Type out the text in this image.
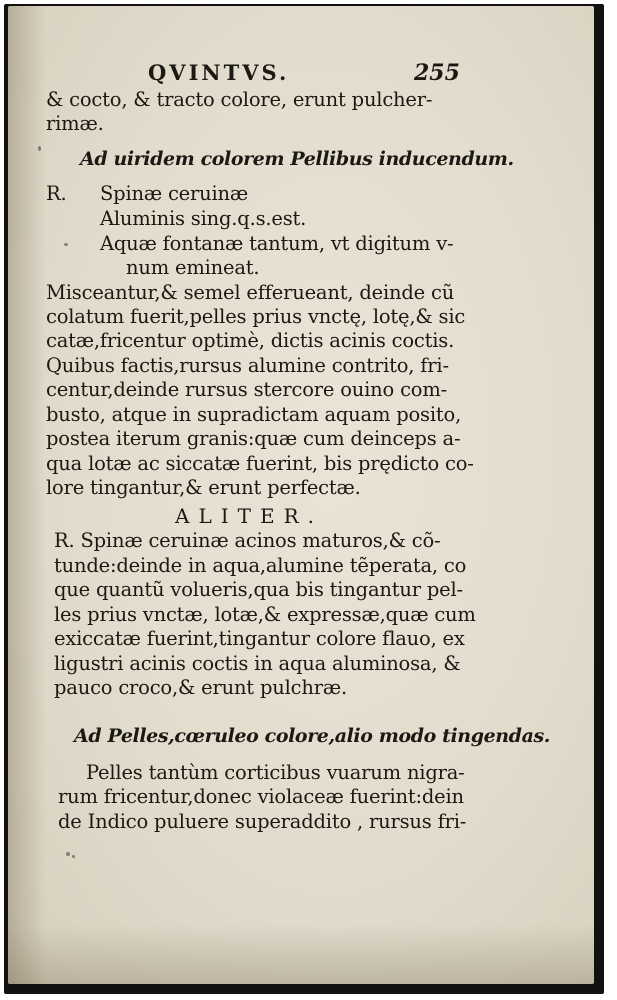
QVINTVS.	255
& cocto, & tracto colore, erunt pulcher-
rimæ.
Ad uiridem colorem Pellibus inducendum.
R. Spinæ ceruinæ
Aluminis sing.q.s.est.
Aquæ fontanæ tantum, vt digitum v-
num emineat.
Misceantur,& semel efferueant, deinde cũ
colatum fuerit,pelles prius vnctę, lotę,& sic
catæ,fricentur optimè, dictis acinis coctis.
Quibus factis,rursus alumine contrito, fri-
centur,deinde rursus stercore ouino com-
busto, atque in supradictam aquam posito,
postea iterum granis:quæ cum deinceps a-
qua lotæ ac siccatæ fuerint, bis prędicto co-
lore tingantur,& erunt perfectæ.
ALITER.
R. Spinæ ceruinæ acinos maturos,& cõ-
tunde:deinde in aqua,alumine tẽperata, co
que quantũ volueris,qua bis tingantur pel-
les prius vnctæ, lotæ,& expressæ,quæ cum
exiccatæ fuerint,tingantur colore flauo, ex
ligustri acinis coctis in aqua aluminosa, &
pauco croco,& erunt pulchræ.
Ad Pelles,cœruleo colore,alio modo tingendas.
Pelles tantùm corticibus vuarum nigra-
rum fricentur,donec violaceæ fuerint:dein
de Indico puluere superaddito , rursus fri-
